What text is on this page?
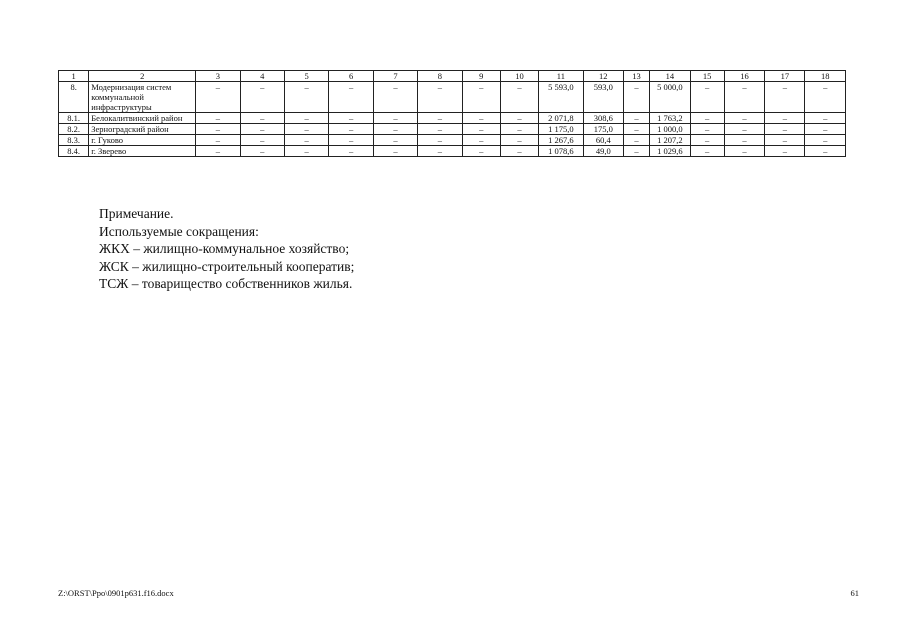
1	2	3	4	5	6	7	8	9	10	11	12	13	14	15	16	17	18
8.	Модернизация систем коммунальной инфраструктуры	–	–	–	–	–	–	–	–	5 593,0	593,0	–	5 000,0	–	–	–	–
8.1.	Белокалитвинский район	–	–	–	–	–	–	–	–	2 071,8	308,6	–	1 763,2	–	–	–	–
8.2.	Зерноградский район	–	–	–	–	–	–	–	–	1 175,0	175,0	–	1 000,0	–	–	–	–
8.3.	г. Гуково	–	–	–	–	–	–	–	–	1 267,6	60,4	–	1 207,2	–	–	–	–
8.4.	г. Зверево	–	–	–	–	–	–	–	–	1 078,6	49,0	–	1 029,6	–	–	–	–
Примечание.
Используемые сокращения:
ЖКХ – жилищно-коммунальное хозяйство;
ЖСК – жилищно-строительный кооператив;
ТСЖ – товарищество собственников жилья.
Z:\ORST\Ppo\0901p631.f16.docx	61
